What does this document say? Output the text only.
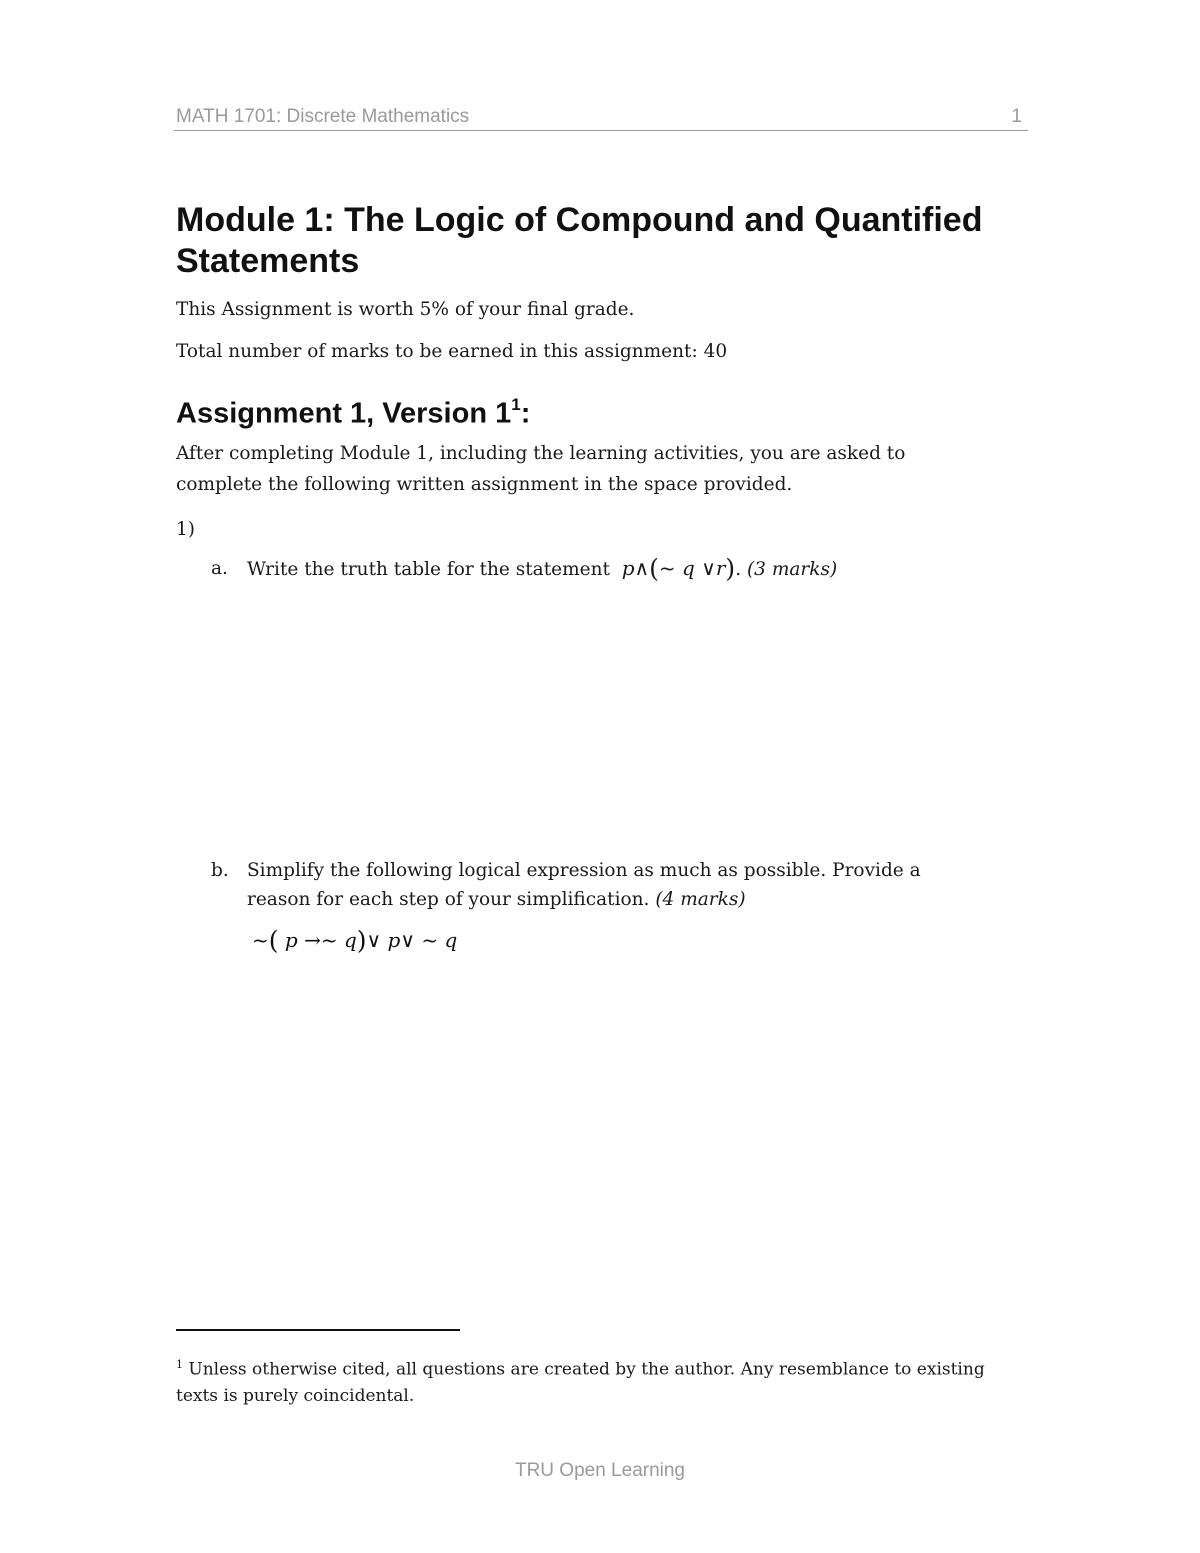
MATH 1701: Discrete Mathematics	1
Module 1: The Logic of Compound and Quantified Statements
This Assignment is worth 5% of your final grade.
Total number of marks to be earned in this assignment: 40
Assignment 1, Version $1^1$:
After completing Module 1, including the learning activities, you are asked to
complete the following written assignment in the space provided.
1)
a. Write the truth table for the statement p∧(~ q ∨r). (3 marks)
b. Simplify the following logical expression as much as possible. Provide a
reason for each step of your simplification. (4 marks)
~( p →~ q)∨ p∨ ~ q
$^1$ Unless otherwise cited, all questions are created by the author. Any resemblance to existing
texts is purely coincidental.
TRU Open Learning
